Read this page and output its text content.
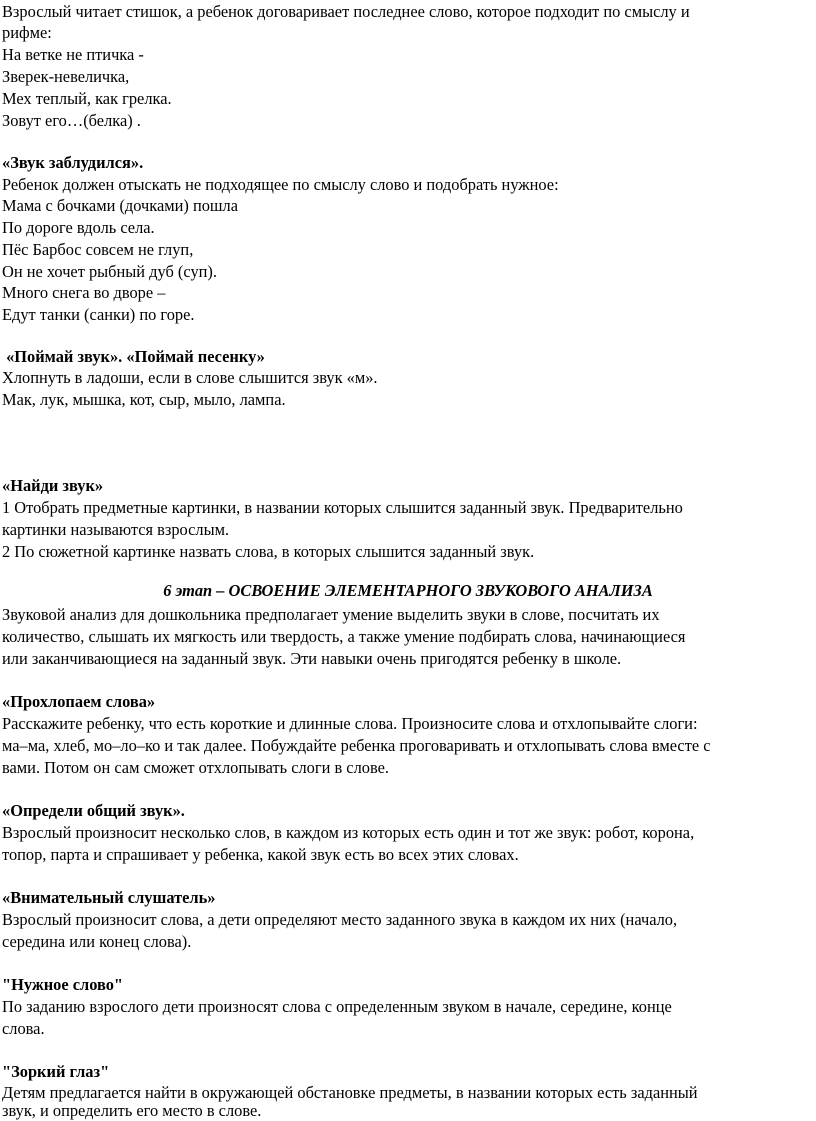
Взрослый читает стишок, а ребенок договаривает последнее слово, которое подходит по смыслу и
рифме:
На ветке не птичка -
Зверек-невеличка,
Мех теплый, как грелка.
Зовут его…(белка) .
«Звук заблудился».
Ребенок должен отыскать не подходящее по смыслу слово и подобрать нужное:
Мама с бочками (дочками) пошла
По дороге вдоль села.
Пёс Барбос совсем не глуп,
Он не хочет рыбный дуб (суп).
Много снега во дворе –
Едут танки (санки) по горе.
«Поймай звук». «Поймай песенку»
Хлопнуть в ладоши, если в слове слышится звук «м».
Мак, лук, мышка, кот, сыр, мыло, лампа.
«Найди звук»
1 Отобрать предметные картинки, в названии которых слышится заданный звук. Предварительно
картинки называются взрослым.
2 По сюжетной картинке назвать слова, в которых слышится заданный звук.
6 этап – ОСВОЕНИЕ ЭЛЕМЕНТАРНОГО ЗВУКОВОГО АНАЛИЗА
Звуковой анализ для дошкольника предполагает умение выделить звуки в слове, посчитать их
количество, слышать их мягкость или твердость, а также умение подбирать слова, начинающиеся
или заканчивающиеся на заданный звук. Эти навыки очень пригодятся ребенку в школе.
«Прохлопаем слова»
Расскажите ребенку, что есть короткие и длинные слова. Произносите слова и отхлопывайте слоги:
ма–ма, хлеб, мо–ло–ко и так далее. Побуждайте ребенка проговаривать и отхлопывать слова вместе с
вами. Потом он сам сможет отхлопывать слоги в слове.
«Определи общий звук».
Взрослый произносит несколько слов, в каждом из которых есть один и тот же звук: робот, корона,
топор, парта и спрашивает у ребенка, какой звук есть во всех этих словах.
«Внимательный слушатель»
Взрослый произносит слова, а дети определяют место заданного звука в каждом их них (начало,
середина или конец слова).
"Нужное слово"
По заданию взрослого дети произносят слова с определенным звуком в начале, середине, конце
слова.
"Зоркий глаз"
Детям предлагается найти в окружающей обстановке предметы, в названии которых есть заданный
звук, и определить его место в слове.
